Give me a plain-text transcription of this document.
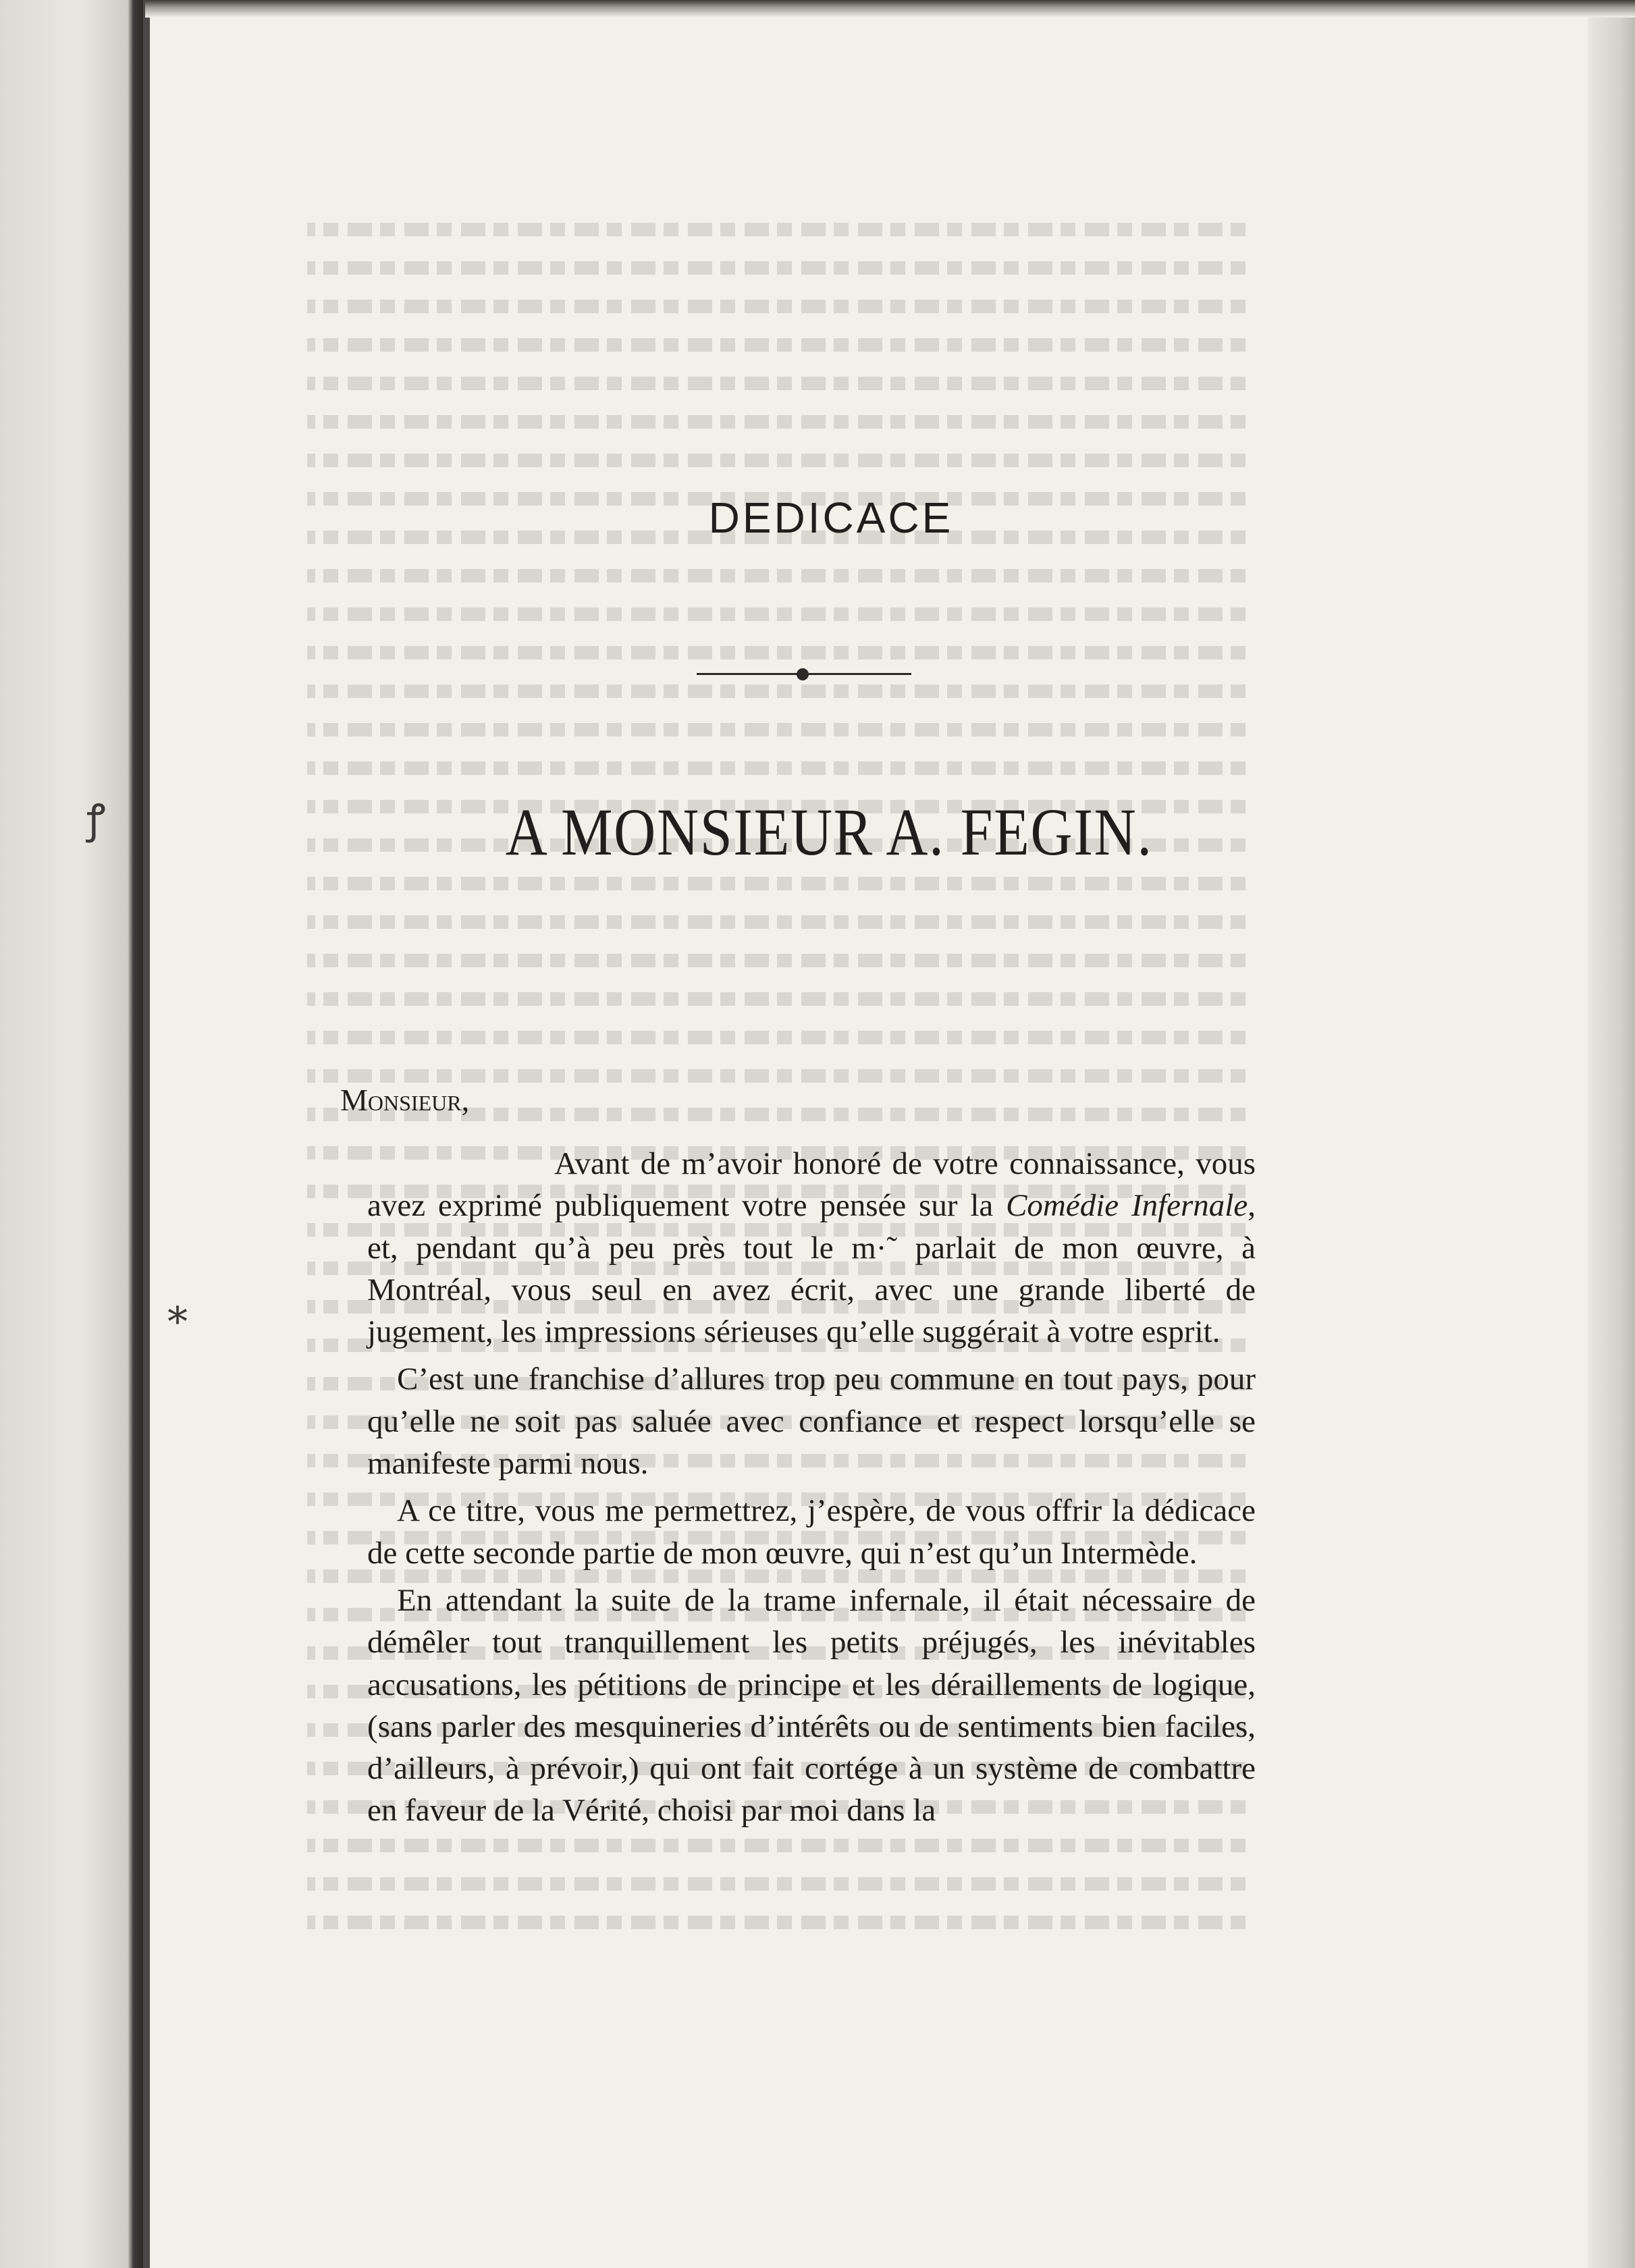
DEDICACE
A MONSIEUR A. FEGIN.
Monsieur,

Avant de m’avoir honoré de votre connaissance, vous avez exprimé publiquement votre pensée sur la Comédie Infernale, et, pendant qu’à peu près tout le m·˜ parlait de mon œuvre, à Montréal, vous seul en avez écrit, avec une grande liberté de jugement, les impressions sérieuses qu’elle suggérait à votre esprit.

C’est une franchise d’allures trop peu commune en tout pays, pour qu’elle ne soit pas saluée avec confiance et respect lorsqu’elle se manifeste parmi nous.

A ce titre, vous me permettrez, j’espère, de vous offrir la dédicace de cette seconde partie de mon œuvre, qui n’est qu’un Intermède.

En attendant la suite de la trame infernale, il était nécessaire de démêler tout tranquillement les petits préjugés, les inévitables accusations, les pétitions de principe et les déraillements de logique, (sans parler des mesquineries d’intérêts ou de sentiments bien faciles, d’ailleurs, à prévoir,) qui ont fait cortége à un système de combattre en faveur de la Vérité, choisi par moi dans la

ꝭ
⁎
